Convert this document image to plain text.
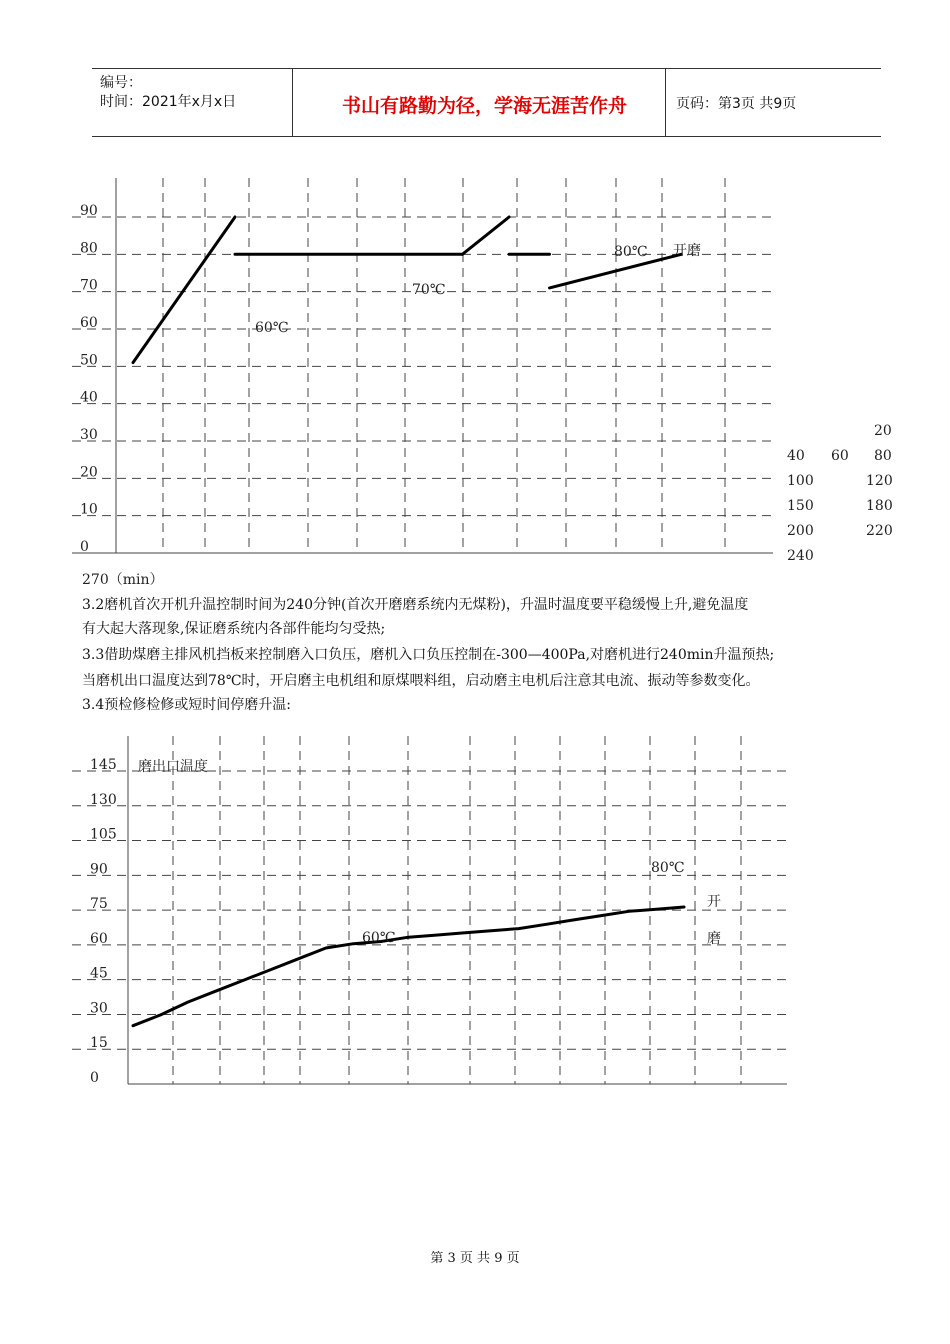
编号：
时间：2021年x月x日	书山有路勤为径，学海无涯苦作舟	页码：第3页 共9页
90
80
70
60
50
40
30
20
10
0
60℃
70℃
80℃ 开磨
20
40 60 80
100	120
150	180
200	220
240
270（min）
3.2磨机首次开机升温控制时间为240分钟(首次开磨磨系统内无煤粉)，升温时温度要平稳缓慢上升,避免温度
有大起大落现象,保证磨系统内各部件能均匀受热;
3.3借助煤磨主排风机挡板来控制磨入口负压，磨机入口负压控制在-300—400Pa,对磨机进行240min升温预热;
当磨机出口温度达到78℃时，开启磨主电机组和原煤喂料组，启动磨主电机后注意其电流、振动等参数变化。
3.4预检修检修或短时间停磨升温:
145
130
105
90
75
60
45
30
15
0
磨出口温度
60℃
80℃
开
磨
第 3 页 共 9 页
